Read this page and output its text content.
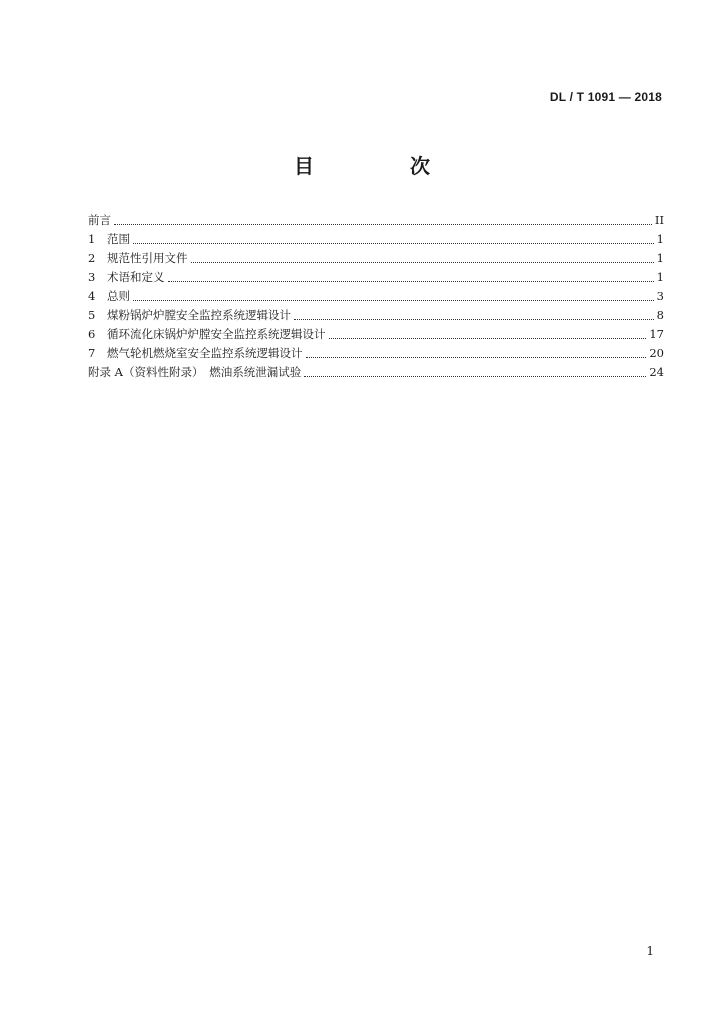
DL / T 1091 — 2018
目　次
前言	II
1	范围	1
2	规范性引用文件	1
3	术语和定义	1
4	总则	3
5	煤粉锅炉炉膛安全监控系统逻辑设计	8
6	循环流化床锅炉炉膛安全监控系统逻辑设计	17
7	燃气轮机燃烧室安全监控系统逻辑设计	20
附录 A（资料性附录）　燃油系统泄漏试验	24
1
